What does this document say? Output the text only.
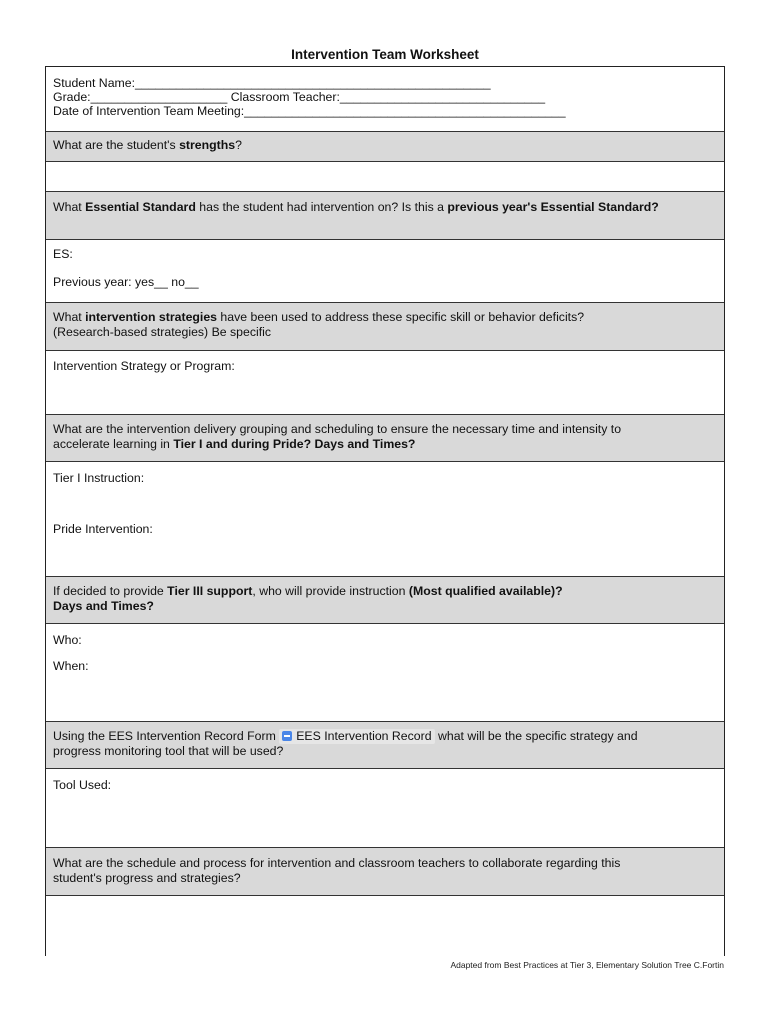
Intervention Team Worksheet
Student Name:____________________________________________________
Grade:____________________ Classroom Teacher:______________________________
Date of Intervention Team Meeting:_______________________________________________
What are the student's strengths?
What Essential Standard has the student had intervention on? Is this a previous year's Essential Standard?

ES:

Previous year: yes__ no__

What intervention strategies have been used to address these specific skill or behavior deficits?
(Research-based strategies) Be specific
Intervention Strategy or Program:
What are the intervention delivery grouping and scheduling to ensure the necessary time and intensity to
accelerate learning in Tier I and during Pride? Days and Times?

Tier I Instruction:

Pride Intervention:

If decided to provide Tier III support, who will provide instruction (Most qualified available)?
Days and Times?

Who:

When:

Using the EES Intervention Record Form EES Intervention Record what will be the specific strategy and
progress monitoring tool that will be used?
Tool Used:
What are the schedule and process for intervention and classroom teachers to collaborate regarding this
student's progress and strategies?
Adapted from Best Practices at Tier 3, Elementary Solution Tree C.Fortin
